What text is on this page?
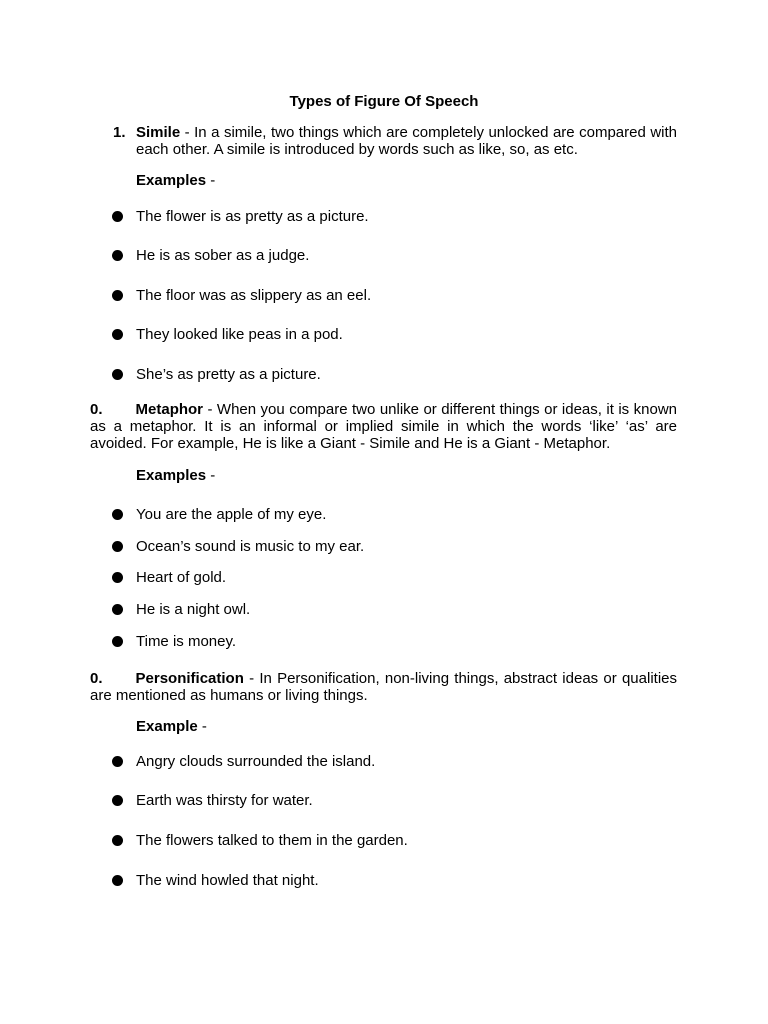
Types of Figure Of Speech
1. Simile - In a simile, two things which are completely unlocked are compared with each other. A simile is introduced by words such as like, so, as etc.
Examples -
The flower is as pretty as a picture.
He is as sober as a judge.
The floor was as slippery as an eel.
They looked like peas in a pod.
She’s as pretty as a picture.
0. Metaphor - When you compare two unlike or different things or ideas, it is known as a metaphor. It is an informal or implied simile in which the words ‘like’ ‘as’ are avoided. For example, He is like a Giant - Simile and He is a Giant - Metaphor.
Examples -
You are the apple of my eye.
Ocean’s sound is music to my ear.
Heart of gold.
He is a night owl.
Time is money.
0. Personification - In Personification, non-living things, abstract ideas or qualities are mentioned as humans or living things.
Example -
Angry clouds surrounded the island.
Earth was thirsty for water.
The flowers talked to them in the garden.
The wind howled that night.
